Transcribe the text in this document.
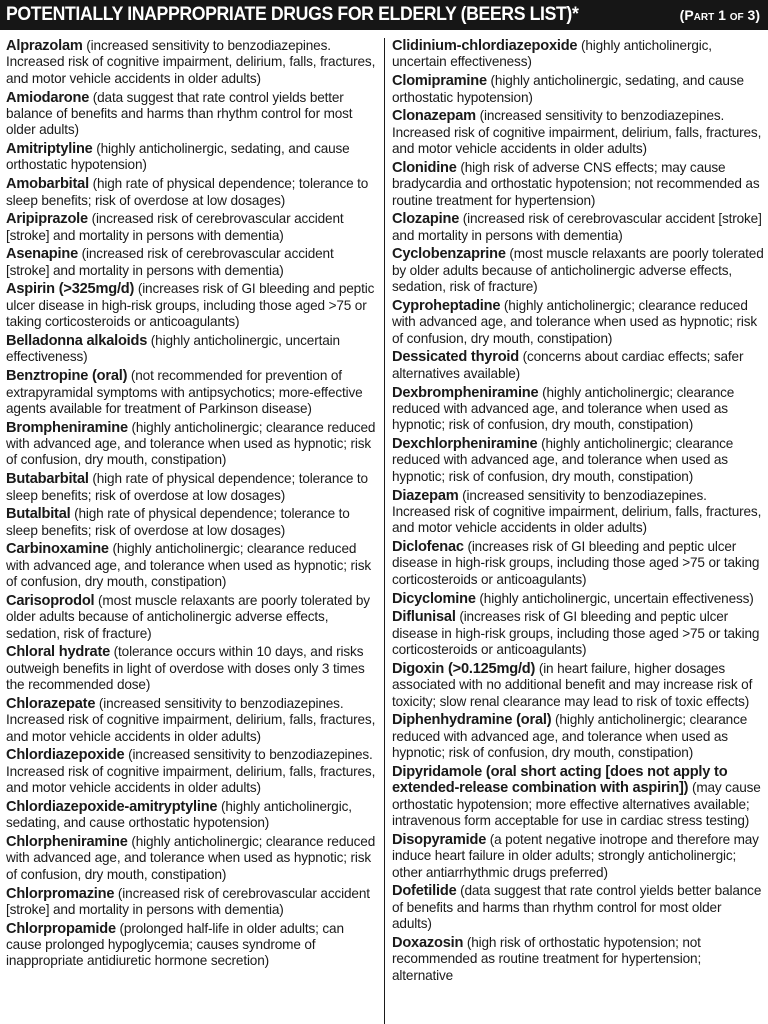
POTENTIALLY INAPPROPRIATE DRUGS FOR ELDERLY (BEERS LIST)*	(Part 1 of 3)
Alprazolam (increased sensitivity to benzodiazepines. Increased risk of cognitive impairment, delirium, falls, fractures, and motor vehicle accidents in older adults)
Amiodarone (data suggest that rate control yields better balance of benefits and harms than rhythm control for most older adults)
Amitriptyline (highly anticholinergic, sedating, and cause orthostatic hypotension)
Amobarbital (high rate of physical dependence; tolerance to sleep benefits; risk of overdose at low dosages)
Aripiprazole (increased risk of cerebrovascular accident [stroke] and mortality in persons with dementia)
Asenapine (increased risk of cerebrovascular accident [stroke] and mortality in persons with dementia)
Aspirin (>325mg/d) (increases risk of GI bleeding and peptic ulcer disease in high-risk groups, including those aged >75 or taking corticosteroids or anticoagulants)
Belladonna alkaloids (highly anticholinergic, uncertain effectiveness)
Benztropine (oral) (not recommended for prevention of extrapyramidal symptoms with antipsychotics; more-effective agents available for treatment of Parkinson disease)
Brompheniramine (highly anticholinergic; clearance reduced with advanced age, and tolerance when used as hypnotic; risk of confusion, dry mouth, constipation)
Butabarbital (high rate of physical dependence; tolerance to sleep benefits; risk of overdose at low dosages)
Butalbital (high rate of physical dependence; tolerance to sleep benefits; risk of overdose at low dosages)
Carbinoxamine (highly anticholinergic; clearance reduced with advanced age, and tolerance when used as hypnotic; risk of confusion, dry mouth, constipation)
Carisoprodol (most muscle relaxants are poorly tolerated by older adults because of anticholinergic adverse effects, sedation, risk of fracture)
Chloral hydrate (tolerance occurs within 10 days, and risks outweigh benefits in light of overdose with doses only 3 times the recommended dose)
Chlorazepate (increased sensitivity to benzodiazepines. Increased risk of cognitive impairment, delirium, falls, fractures, and motor vehicle accidents in older adults)
Chlordiazepoxide (increased sensitivity to benzodiazepines. Increased risk of cognitive impairment, delirium, falls, fractures, and motor vehicle accidents in older adults)
Chlordiazepoxide-amitryptyline (highly anticholinergic, sedating, and cause orthostatic hypotension)
Chlorpheniramine (highly anticholinergic; clearance reduced with advanced age, and tolerance when used as hypnotic; risk of confusion, dry mouth, constipation)
Chlorpromazine (increased risk of cerebrovascular accident [stroke] and mortality in persons with dementia)
Chlorpropamide (prolonged half-life in older adults; can cause prolonged hypoglycemia; causes syndrome of inappropriate antidiuretic hormone secretion)
Clidinium-chlordiazepoxide (highly anticholinergic, uncertain effectiveness)
Clomipramine (highly anticholinergic, sedating, and cause orthostatic hypotension)
Clonazepam (increased sensitivity to benzodiazepines. Increased risk of cognitive impairment, delirium, falls, fractures, and motor vehicle accidents in older adults)
Clonidine (high risk of adverse CNS effects; may cause bradycardia and orthostatic hypotension; not recommended as routine treatment for hypertension)
Clozapine (increased risk of cerebrovascular accident [stroke] and mortality in persons with dementia)
Cyclobenzaprine (most muscle relaxants are poorly tolerated by older adults because of anticholinergic adverse effects, sedation, risk of fracture)
Cyproheptadine (highly anticholinergic; clearance reduced with advanced age, and tolerance when used as hypnotic; risk of confusion, dry mouth, constipation)
Dessicated thyroid (concerns about cardiac effects; safer alternatives available)
Dexbrompheniramine (highly anticholinergic; clearance reduced with advanced age, and tolerance when used as hypnotic; risk of confusion, dry mouth, constipation)
Dexchlorpheniramine (highly anticholinergic; clearance reduced with advanced age, and tolerance when used as hypnotic; risk of confusion, dry mouth, constipation)
Diazepam (increased sensitivity to benzodiazepines. Increased risk of cognitive impairment, delirium, falls, fractures, and motor vehicle accidents in older adults)
Diclofenac (increases risk of GI bleeding and peptic ulcer disease in high-risk groups, including those aged >75 or taking corticosteroids or anticoagulants)
Dicyclomine (highly anticholinergic, uncertain effectiveness)
Diflunisal (increases risk of GI bleeding and peptic ulcer disease in high-risk groups, including those aged >75 or taking corticosteroids or anticoagulants)
Digoxin (>0.125mg/d) (in heart failure, higher dosages associated with no additional benefit and may increase risk of toxicity; slow renal clearance may lead to risk of toxic effects)
Diphenhydramine (oral) (highly anticholinergic; clearance reduced with advanced age, and tolerance when used as hypnotic; risk of confusion, dry mouth, constipation)
Dipyridamole (oral short acting [does not apply to extended-release combination with aspirin]) (may cause orthostatic hypotension; more effective alternatives available; intravenous form acceptable for use in cardiac stress testing)
Disopyramide (a potent negative inotrope and therefore may induce heart failure in older adults; strongly anticholinergic; other antiarrhythmic drugs preferred)
Dofetilide (data suggest that rate control yields better balance of benefits and harms than rhythm control for most older adults)
Doxazosin (high risk of orthostatic hypotension; not recommended as routine treatment for hypertension; alternative
